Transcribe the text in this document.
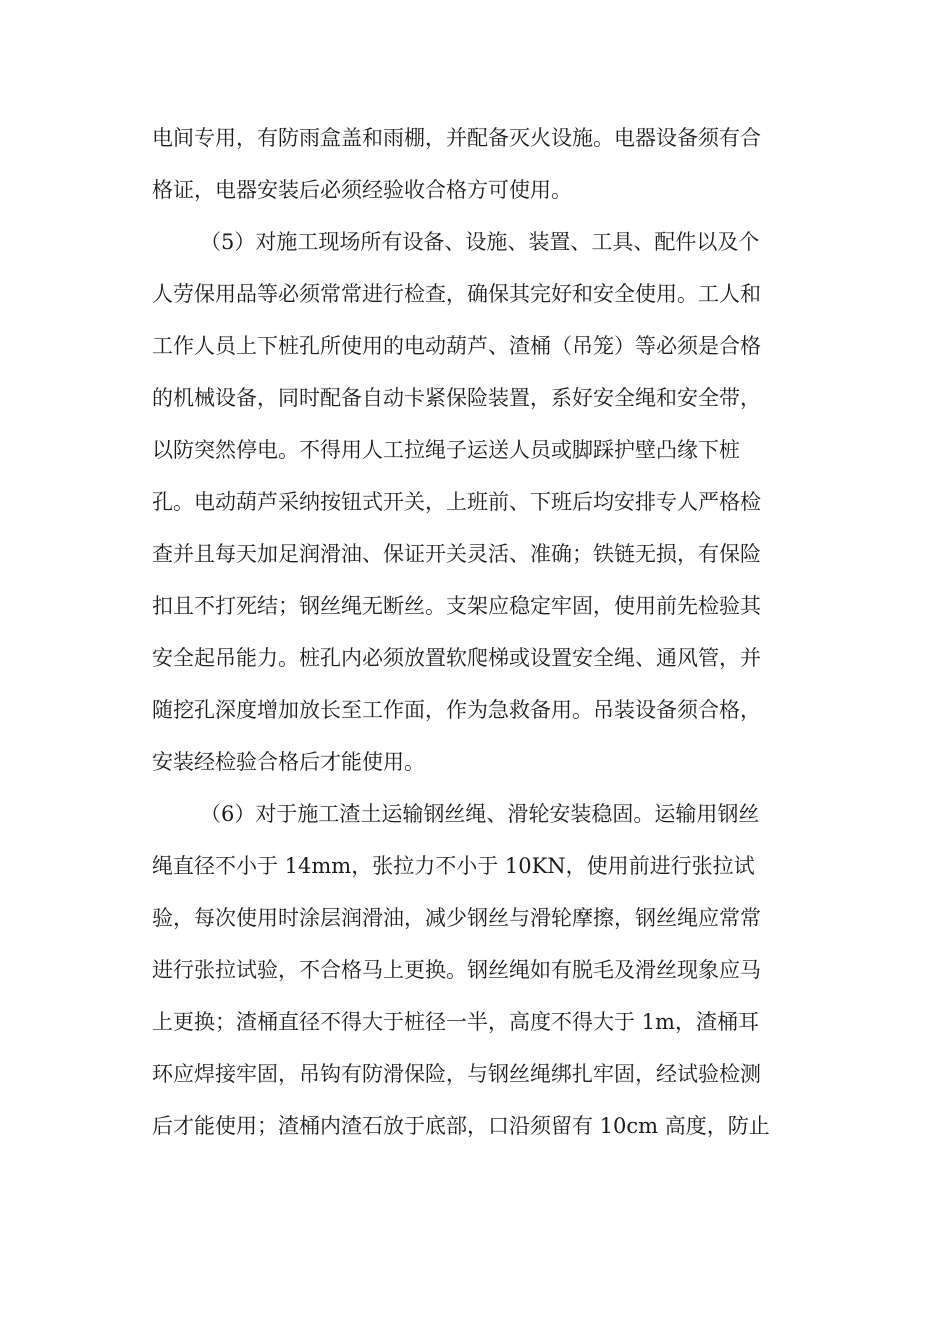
电间专用，有防雨盒盖和雨棚，并配备灭火设施。电器设备须有合
格证，电器安装后必须经验收合格方可使用。
（5）对施工现场所有设备、设施、装置、工具、配件以及个
人劳保用品等必须常常进行检查，确保其完好和安全使用。工人和
工作人员上下桩孔所使用的电动葫芦、渣桶（吊笼）等必须是合格
的机械设备，同时配备自动卡紧保险装置，系好安全绳和安全带，
以防突然停电。不得用人工拉绳子运送人员或脚踩护壁凸缘下桩
孔。电动葫芦采纳按钮式开关，上班前、下班后均安排专人严格检
查并且每天加足润滑油、保证开关灵活、准确；铁链无损，有保险
扣且不打死结；钢丝绳无断丝。支架应稳定牢固，使用前先检验其
安全起吊能力。桩孔内必须放置软爬梯或设置安全绳、通风管，并
随挖孔深度增加放长至工作面，作为急救备用。吊装设备须合格，
安装经检验合格后才能使用。
（6）对于施工渣土运输钢丝绳、滑轮安装稳固。运输用钢丝
绳直径不小于 14mm，张拉力不小于 10KN，使用前进行张拉试
验，每次使用时涂层润滑油，减少钢丝与滑轮摩擦，钢丝绳应常常
进行张拉试验，不合格马上更换。钢丝绳如有脱毛及滑丝现象应马
上更换；渣桶直径不得大于桩径一半，高度不得大于 1m，渣桶耳
环应焊接牢固，吊钩有防滑保险，与钢丝绳绑扎牢固，经试验检测
后才能使用；渣桶内渣石放于底部，口沿须留有 10cm 高度，防止
